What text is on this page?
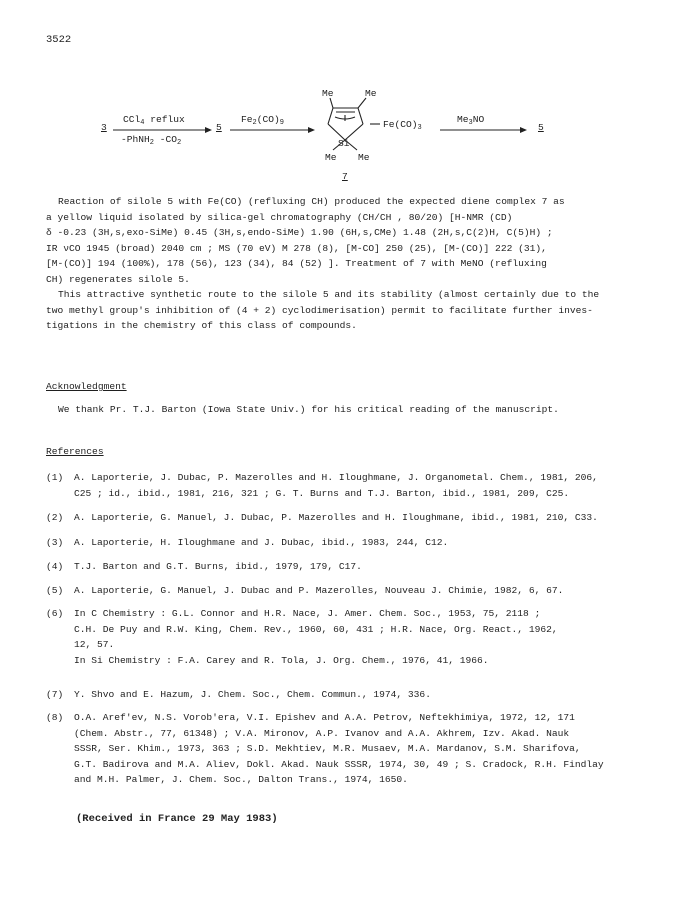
3522
3
CCl$_4$ reflux
-PhNH$_2$ $-CO_2$
5
$Fe_2(CO)_9$
Me	Me
Si
Me Me
$Fe(CO)_3$
7
$Me_3NO$
5
Reaction of silole 5 with Fe(CO) (refluxing CH) produced the expected diene complex 7 as
a yellow liquid isolated by silica-gel chromatography (CH/CH , 80/20) [H-NMR (CD)
δ -0.23 (3H,s,exo-SiMe) 0.45 (3H,s,endo-SiMe) 1.90 (6H,s,CMe) 1.48 (2H,s,C(2)H, C(5)H) ;
IR νCO 1945 (broad) 2040 cm ; MS (70 eV) M 278 (8), [M-CO] 250 (25), [M-(CO)] 222 (31),
[M-(CO)] 194 (100%), 178 (56), 123 (34), 84 (52) ]. Treatment of 7 with MeNO (refluxing
CH) regenerates silole 5.
This attractive synthetic route to the silole 5 and its stability (almost certainly due to the
two methyl group's inhibition of (4 + 2) cyclodimerisation) permit to facilitate further inves-
tigations in the chemistry of this class of compounds.
Acknowledgment
We thank Pr. T.J. Barton (Iowa State Univ.) for his critical reading of the manuscript.
References
(1) A. Laporterie, J. Dubac, P. Mazerolles and H. Iloughmane, J. Organometal. Chem., 1981, 206,
C25 ; id., ibid., 1981, 216, 321 ; G. T. Burns and T.J. Barton, ibid., 1981, 209, C25.
(2) A. Laporterie, G. Manuel, J. Dubac, P. Mazerolles and H. Iloughmane, ibid., 1981, 210, C33.
(3) A. Laporterie, H. Iloughmane and J. Dubac, ibid., 1983, 244, C12.
(4) T.J. Barton and G.T. Burns, ibid., 1979, 179, C17.
(5) A. Laporterie, G. Manuel, J. Dubac and P. Mazerolles, Nouveau J. Chimie, 1982, 6, 67.
(6) In C Chemistry : G.L. Connor and H.R. Nace, J. Amer. Chem. Soc., 1953, 75, 2118 ;
C.H. De Puy and R.W. King, Chem. Rev., 1960, 60, 431 ; H.R. Nace, Org. React., 1962,
12, 57.
In Si Chemistry : F.A. Carey and R. Tola, J. Org. Chem., 1976, 41, 1966.
(7) Y. Shvo and E. Hazum, J. Chem. Soc., Chem. Commun., 1974, 336.
(8) O.A. Aref'ev, N.S. Vorob'era, V.I. Epishev and A.A. Petrov, Neftekhimiya, 1972, 12, 171
(Chem. Abstr., 77, 61348) ; V.A. Mironov, A.P. Ivanov and A.A. Akhrem, Izv. Akad. Nauk
SSSR, Ser. Khim., 1973, 363 ; S.D. Mekhtiev, M.R. Musaev, M.A. Mardanov, S.M. Sharifova,
G.T. Badirova and M.A. Aliev, Dokl. Akad. Nauk SSSR, 1974, 30, 49 ; S. Cradock, R.H. Findlay
and M.H. Palmer, J. Chem. Soc., Dalton Trans., 1974, 1650.
(Received in France 29 May 1983)
